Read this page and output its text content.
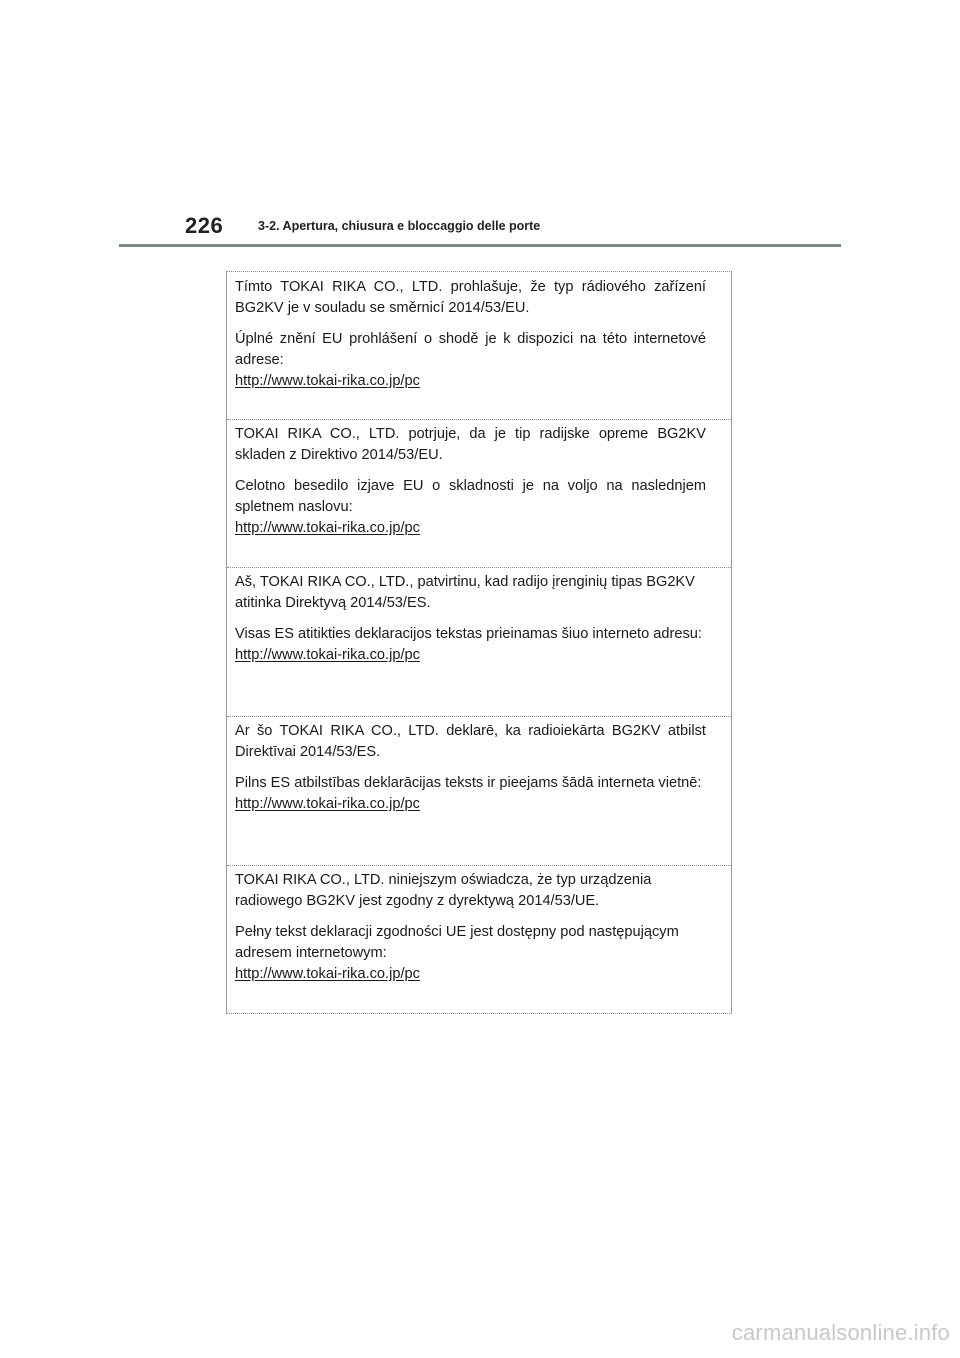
226	3-2. Apertura, chiusura e bloccaggio delle porte

Tímto TOKAI RIKA CO., LTD. prohlašuje, že typ rádiového zařízení BG2KV je v souladu se směrnicí 2014/53/EU.

Úplné znění EU prohlášení o shodě je k dispozici na této internetové adrese:

http://www.tokai-rika.co.jp/pc

TOKAI RIKA CO., LTD. potrjuje, da je tip radijske opreme BG2KV skladen z Direktivo 2014/53/EU.

Celotno besedilo izjave EU o skladnosti je na voljo na naslednjem spletnem naslovu:

http://www.tokai-rika.co.jp/pc

Aš, TOKAI RIKA CO., LTD., patvirtinu, kad radijo įrenginių tipas BG2KV atitinka Direktyvą 2014/53/ES.

Visas ES atitikties deklaracijos tekstas prieinamas šiuo interneto adresu:

http://www.tokai-rika.co.jp/pc

Ar šo TOKAI RIKA CO., LTD. deklarē, ka radioiekārta BG2KV atbilst Direktīvai 2014/53/ES.

Pilns ES atbilstības deklarācijas teksts ir pieejams šādā interneta vietnē:

http://www.tokai-rika.co.jp/pc

TOKAI RIKA CO., LTD. niniejszym oświadcza, że typ urządzenia radiowego BG2KV jest zgodny z dyrektywą 2014/53/UE.

Pełny tekst deklaracji zgodności UE jest dostępny pod następującym adresem internetowym:

http://www.tokai-rika.co.jp/pc
carmanualsonline.info
